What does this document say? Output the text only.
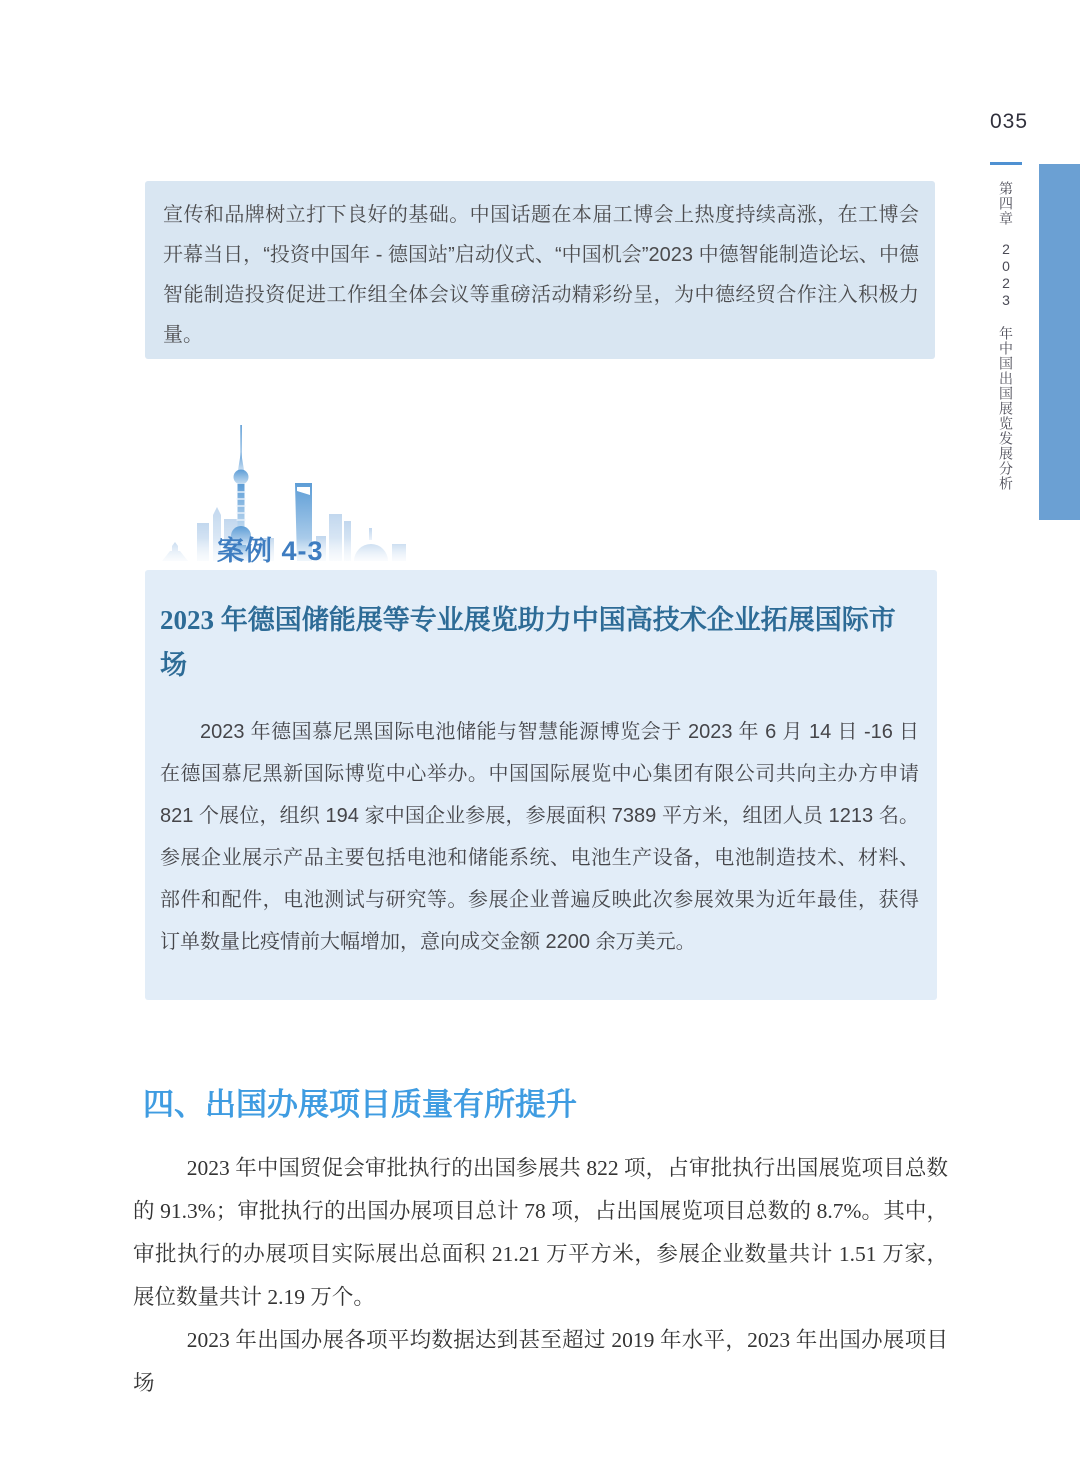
宣传和品牌树立打下良好的基础。中国话题在本届工博会上热度持续高涨，在工博会开幕当日，“投资中国年 - 德国站”启动仪式、“中国机会”2023 中德智能制造论坛、中德智能制造投资促进工作组全体会议等重磅活动精彩纷呈，为中德经贸合作注入积极力量。

案例 4-3
2023 年德国储能展等专业展览助力中国高技术企业拓展国际市场

2023 年德国慕尼黑国际电池储能与智慧能源博览会于 2023 年 6 月 14 日 -16 日在德国慕尼黑新国际博览中心举办。中国国际展览中心集团有限公司共向主办方申请 821 个展位，组织 194 家中国企业参展，参展面积 7389 平方米，组团人员 1213 名。参展企业展示产品主要包括电池和储能系统、电池生产设备，电池制造技术、材料、部件和配件，电池测试与研究等。参展企业普遍反映此次参展效果为近年最佳，获得订单数量比疫情前大幅增加，意向成交金额 2200 余万美元。

四、出国办展项目质量有所提升

2023 年中国贸促会审批执行的出国参展共 822 项，占审批执行出国展览项目总数的 91.3%；审批执行的出国办展项目总计 78 项，占出国展览项目总数的 8.7%。其中，审批执行的办展项目实际展出总面积 21.21 万平方米，参展企业数量共计 1.51 万家，展位数量共计 2.19 万个。

2023 年出国办展各项平均数据达到甚至超过 2019 年水平，2023 年出国办展项目场

035
第四章　2023 年中国出国展览发展分析
